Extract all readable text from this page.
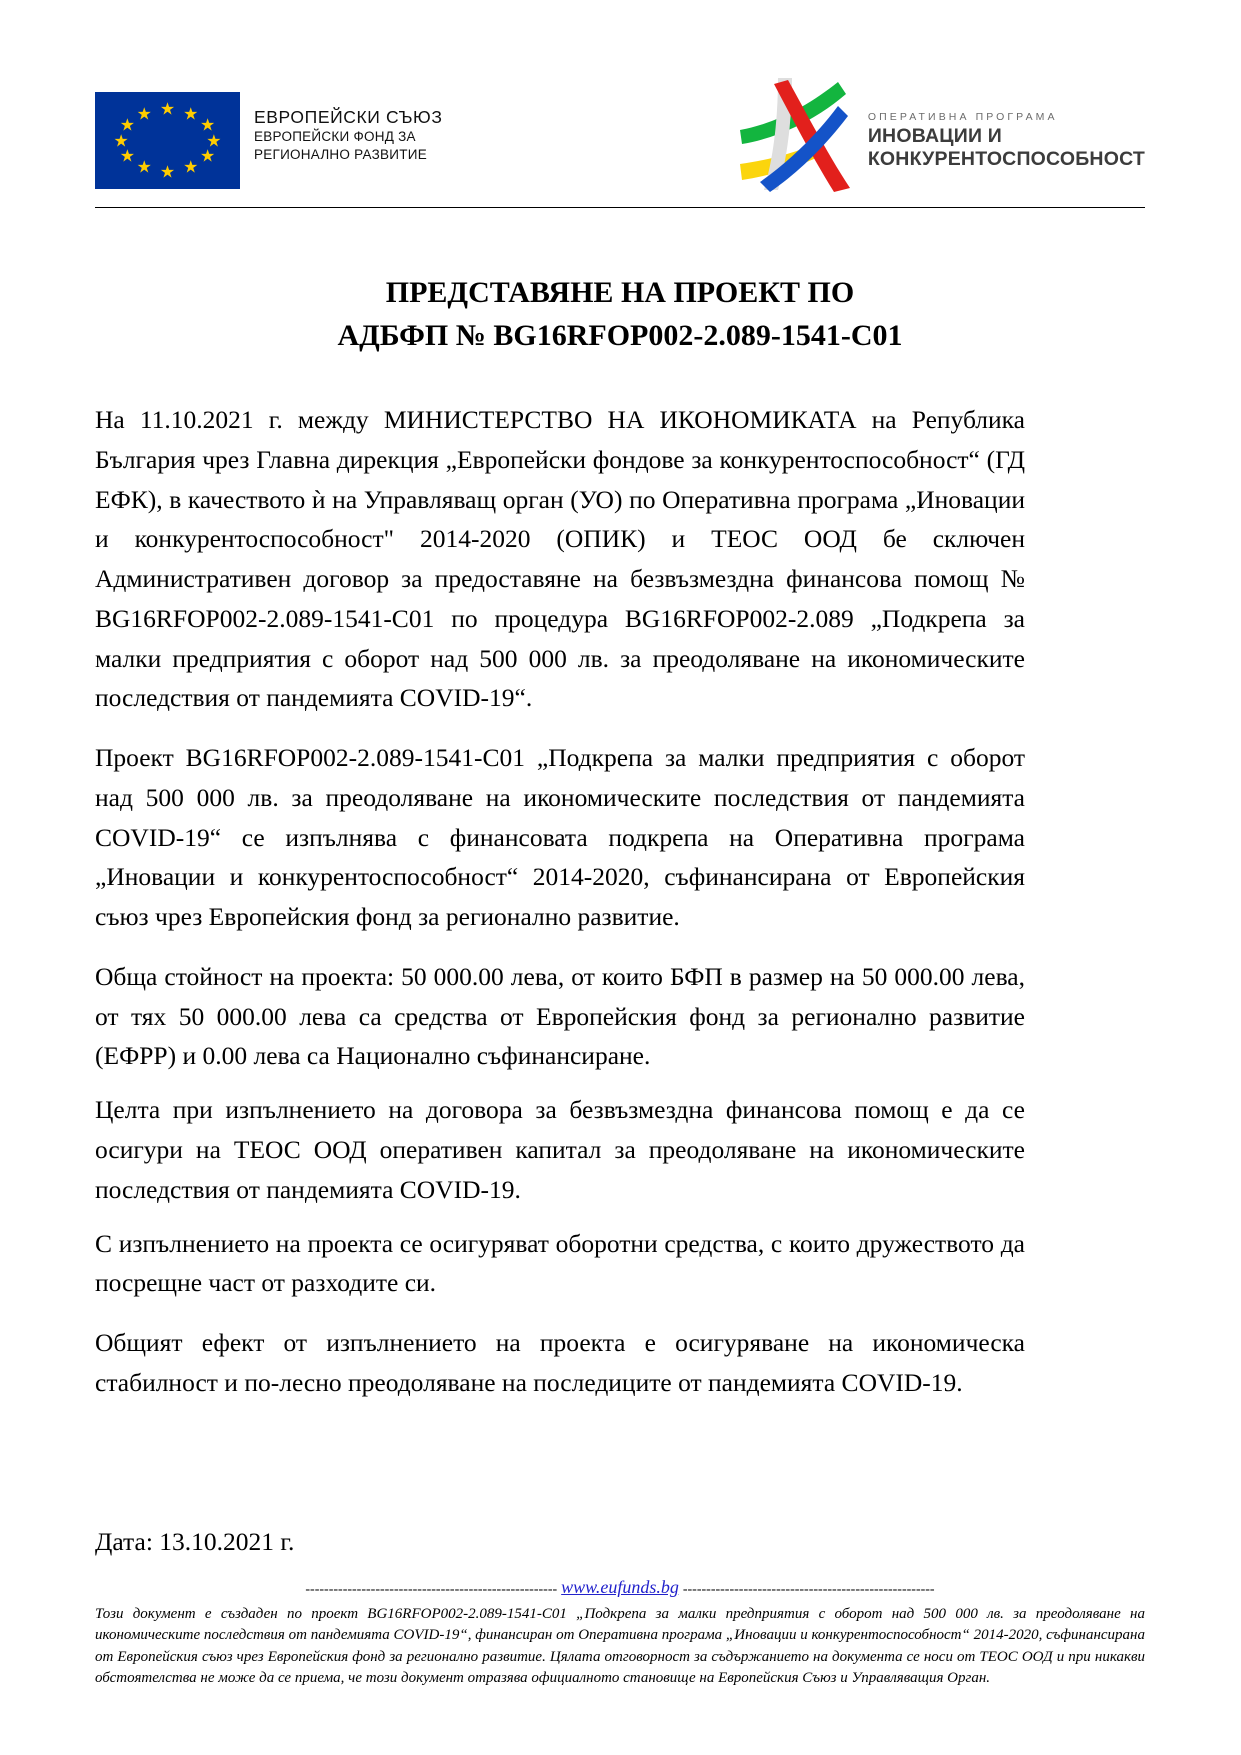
★ ★
★
★
★
★
★
★
★
★
★
★	ЕВРОПЕЙСКИ СЪЮЗ
ЕВРОПЕЙСКИ ФОНД ЗА
РЕГИОНАЛНО РАЗВИТИЕ
ОПЕРАТИВНА ПРОГРАМА
ИНОВАЦИИ И
КОНКУРЕНТОСПОСОБНОСТ
ПРЕДСТАВЯНЕ НА ПРОЕКТ ПО
АДБФП № BG16RFOP002-2.089-1541-C01

На 11.10.2021 г. между МИНИСТЕРСТВО НА ИКОНОМИКАТА на Република България чрез Главна дирекция „Европейски фондове за конкурентоспособност“ (ГД ЕФК), в качеството ѝ на Управляващ орган (УО) по Оперативна програма „Иновации и конкурентоспособност" 2014-2020 (ОПИК) и ТЕОС ООД бе сключен Административен договор за предоставяне на безвъзмездна финансова помощ № BG16RFOP002-2.089-1541-C01 по процедура BG16RFOP002-2.089 „Подкрепа за малки предприятия с оборот над 500 000 лв. за преодоляване на икономическите последствия от пандемията COVID-19“.

Проект BG16RFOP002-2.089-1541-C01 „Подкрепа за малки предприятия с оборот над 500 000 лв. за преодоляване на икономическите последствия от пандемията COVID-19“ се изпълнява с финансовата подкрепа на Оперативна програма „Иновации и конкурентоспособност“ 2014-2020, съфинансирана от Европейския съюз чрез Европейския фонд за регионално развитие.

Обща стойност на проекта: 50 000.00 лева, от които БФП в размер на 50 000.00 лева, от тях 50 000.00 лева са средства от Европейския фонд за регионално развитие (ЕФРР) и 0.00 лева са Национално съфинансиране.

Целта при изпълнението на договора за безвъзмездна финансова помощ е да се осигури на ТЕОС ООД оперативен капитал за преодоляване на икономическите последствия от пандемията COVID-19.

С изпълнението на проекта се осигуряват оборотни средства, с които дружеството да посрещне част от разходите си.

Общият ефект от изпълнението на проекта е осигуряване на икономическа стабилност и по-лесно преодоляване на последиците от пандемията COVID-19.

Дата: 13.10.2021 г.
------------------------------------------------------ www.eufunds.bg ------------------------------------------------------
Този документ е създаден по проект BG16RFOP002-2.089-1541-C01 „Подкрепа за малки предприятия с оборот над 500 000 лв. за преодоляване на икономическите последствия от пандемията COVID-19“, финансиран от Оперативна програма „Иновации и конкурентоспособност“ 2014-2020, съфинансирана от Европейския съюз чрез Европейския фонд за регионално развитие. Цялата отговорност за съдържанието на документа се носи от ТЕОС ООД и при никакви обстоятелства не може да се приема, че този документ отразява официалното становище на Европейския Съюз и Управляващия Орган.
